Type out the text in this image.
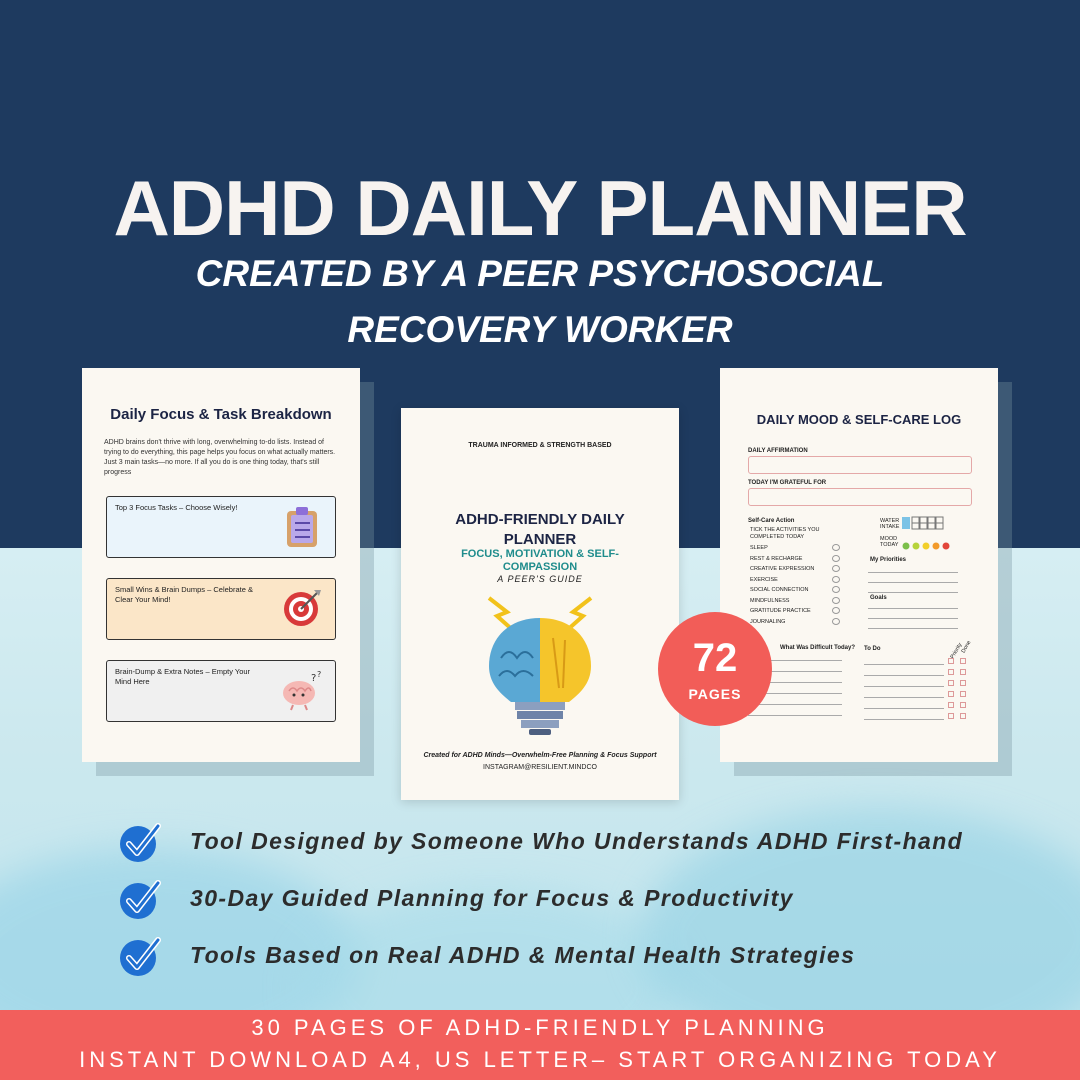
ADHD DAILY PLANNER
CREATED BY A PEER PSYCHOSOCIAL
RECOVERY WORKER
Daily Focus & Task Breakdown
ADHD brains don't thrive with long, overwhelming to-do lists. Instead of trying to do everything, this page helps you focus on what actually matters. Just 3 main tasks—no more. If all you do is one thing today, that's still progress
Top 3 Focus Tasks – Choose Wisely!
Small Wins & Brain Dumps – Celebrate & Clear Your Mind!
Brain-Dump & Extra Notes – Empty Your Mind Here	? ?
TRAUMA INFORMED & STRENGTH BASED
ADHD-FRIENDLY DAILY PLANNER
FOCUS, MOTIVATION & SELF-COMPASSION
A PEER'S GUIDE
Created for ADHD Minds—Overwhelm-Free Planning & Focus Support
INSTAGRAM@RESILIENT.MINDCO
DAILY MOOD & SELF-CARE LOG
DAILY AFFIRMATION
TODAY I'M GRATEFUL FOR
Self-Care Action
TICK THE ACTIVITIES YOU COMPLETED TODAY
SLEEP
REST & RECHARGE
CREATIVE EXPRESSION
EXERCISE
SOCIAL CONNECTION
MINDFULNESS
GRATITUDE PRACTICE
JOURNALING
WATER INTAKE
MOOD TODAY
My Priorities
Goals
What Was Difficult Today? To Do	Priority
Done
72
PAGES
Tool Designed by Someone Who Understands ADHD First-hand
30-Day Guided Planning for Focus & Productivity
Tools Based on Real ADHD & Mental Health Strategies
30 PAGES OF ADHD-FRIENDLY PLANNING
INSTANT DOWNLOAD A4, US LETTER– START ORGANIZING TODAY
